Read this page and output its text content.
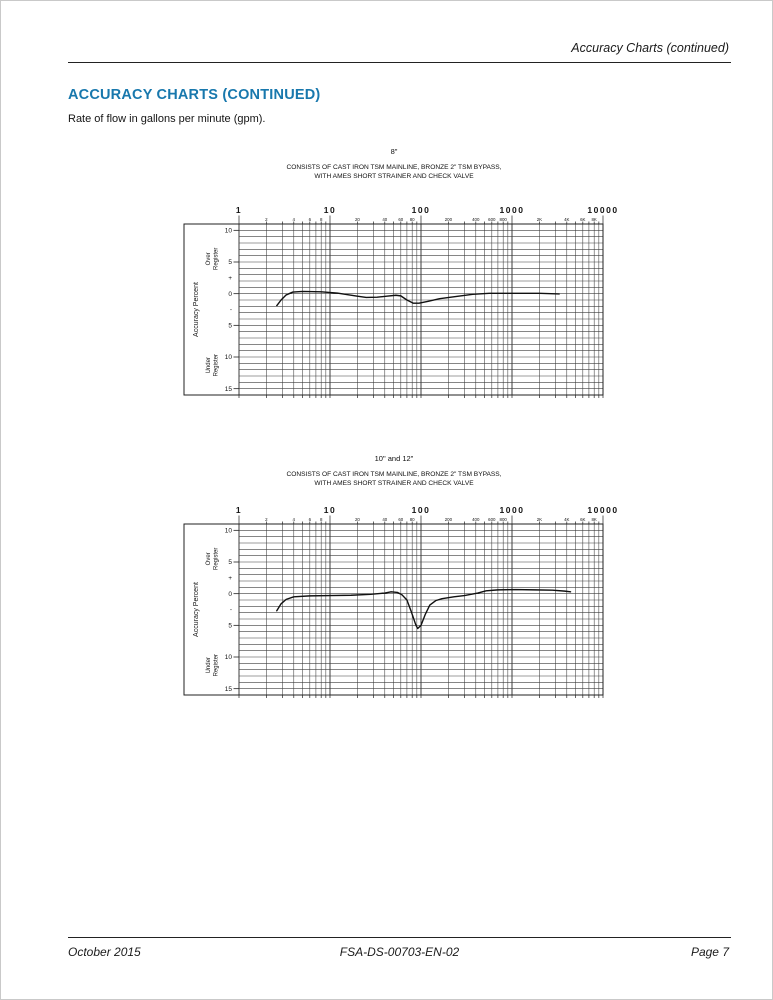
Accuracy Charts (continued)
ACCURACY CHARTS (CONTINUED)
Rate of flow in gallons per minute (gpm).
8"
CONSISTS OF CAST IRON TSM MAINLINE, BRONZE 2" TSM BYPASS,
WITH AMES SHORT STRAINER AND CHECK VALVE
1	10	100	1000	10000
2	4	6 8	20	40	60 80	200	400 600 800	2K	4K 6K 8K
10
5
+
0
-
5
10
15
Accuracy Percent
Over Register
Under Register
10" and 12"
CONSISTS OF CAST IRON TSM MAINLINE, BRONZE 2" TSM BYPASS,
WITH AMES SHORT STRAINER AND CHECK VALVE
1	10	100	1000	10000
2	4	6 8	20	40	60 80	200	400 600 800	2K	4K 6K 8K
10
5
+
0
-
5
10
15
Accuracy Percent
Over Register
Under Register
October 2015	FSA-DS-00703-EN-02	Page 7
